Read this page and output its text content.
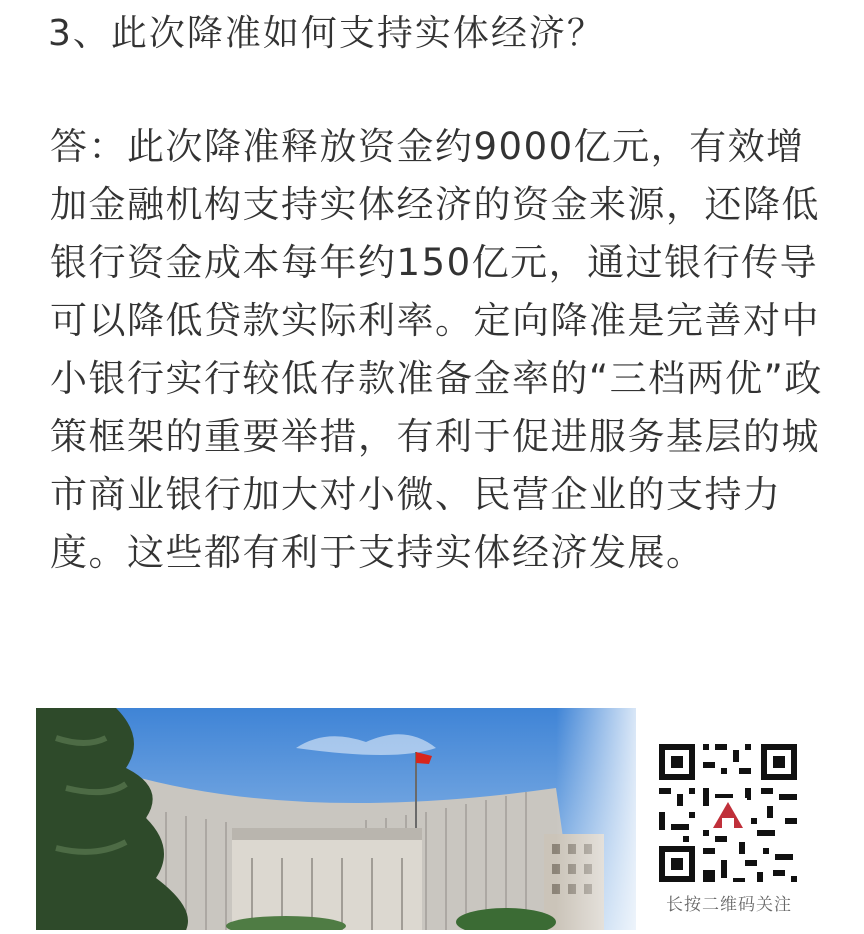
3、此次降准如何支持实体经济？
答：此次降准释放资金约9000亿元，有效增
加金融机构支持实体经济的资金来源，还降低
银行资金成本每年约150亿元，通过银行传导
可以降低贷款实际利率。定向降准是完善对中
小银行实行较低存款准备金率的“三档两优”政
策框架的重要举措，有利于促进服务基层的城
市商业银行加大对小微、民营企业的支持力
度。这些都有利于支持实体经济发展。
长按二维码关注
